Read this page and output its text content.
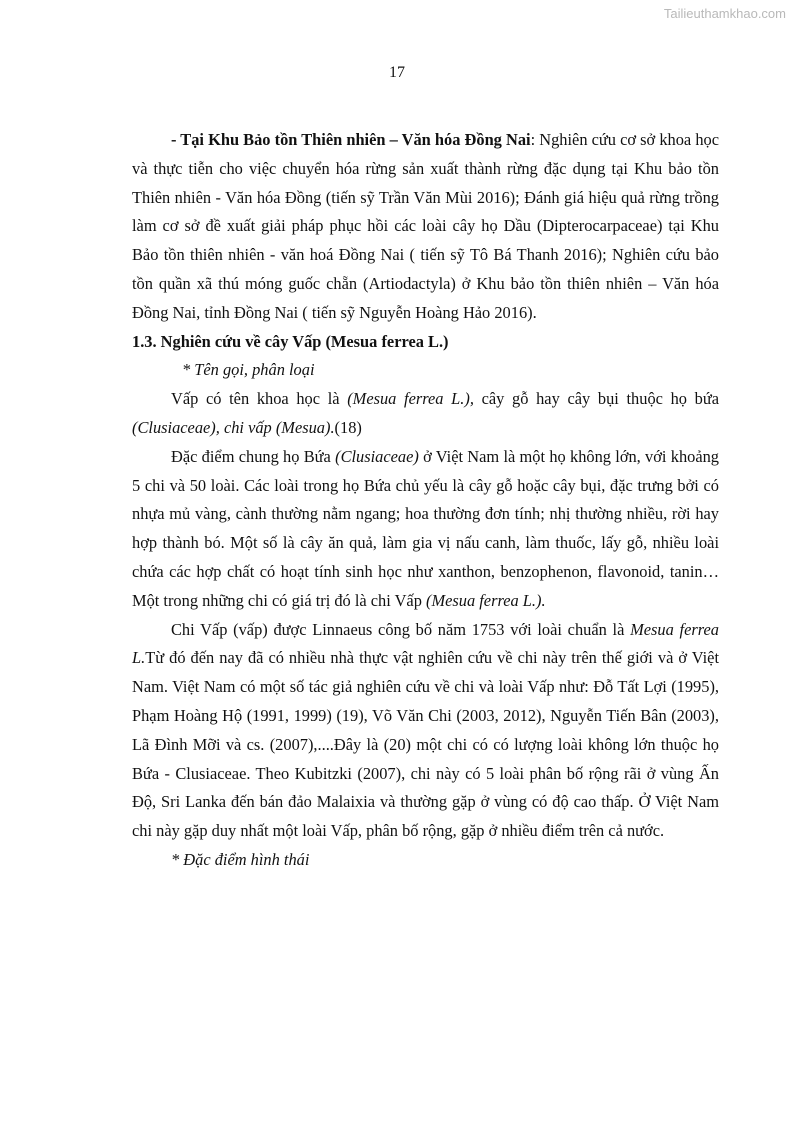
Tailieuthamkhao.com
17

- Tại Khu Bảo tồn Thiên nhiên – Văn hóa Đồng Nai: Nghiên cứu cơ sở khoa học và thực tiễn cho việc chuyển hóa rừng sản xuất thành rừng đặc dụng tại Khu bảo tồn Thiên nhiên - Văn hóa Đồng (tiến sỹ Trần Văn Mùi 2016); Đánh giá hiệu quả rừng trồng làm cơ sở đề xuất giải pháp phục hồi các loài cây họ Dầu (Dipterocarpaceae) tại Khu Bảo tồn thiên nhiên - văn hoá Đồng Nai ( tiến sỹ Tô Bá Thanh 2016); Nghiên cứu bảo tồn quần xã thú móng guốc chẵn (Artiodactyla) ở Khu bảo tồn thiên nhiên – Văn hóa Đồng Nai, tỉnh Đồng Nai ( tiến sỹ Nguyễn Hoàng Hảo 2016).

1.3. Nghiên cứu về cây Vấp (Mesua ferrea L.)

* Tên gọi, phân loại

Vấp có tên khoa học là (Mesua ferrea L.), cây gỗ hay cây bụi thuộc họ bứa (Clusiaceae), chi vấp (Mesua).(18)

Đặc điểm chung họ Bứa (Clusiaceae) ở Việt Nam là một họ không lớn, với khoảng 5 chi và 50 loài. Các loài trong họ Bứa chủ yếu là cây gỗ hoặc cây bụi, đặc trưng bởi có nhựa mủ vàng, cành thường nằm ngang; hoa thường đơn tính; nhị thường nhiều, rời hay hợp thành bó. Một số là cây ăn quả, làm gia vị nấu canh, làm thuốc, lấy gỗ, nhiều loài chứa các hợp chất có hoạt tính sinh học như xanthon, benzophenon, flavonoid, tanin…Một trong những chi có giá trị đó là chi Vấp (Mesua ferrea L.).

Chi Vấp (vấp) được Linnaeus công bố năm 1753 với loài chuẩn là Mesua ferrea L.Từ đó đến nay đã có nhiều nhà thực vật nghiên cứu về chi này trên thế giới và ở Việt Nam. Việt Nam có một số tác giả nghiên cứu về chi và loài Vấp như: Đỗ Tất Lợi (1995), Phạm Hoàng Hộ (1991, 1999) (19), Võ Văn Chi (2003, 2012), Nguyễn Tiến Bân (2003), Lã Đình Mỡi và cs. (2007),....Đây là (20) một chi có có lượng loài không lớn thuộc họ Bứa - Clusiaceae. Theo Kubitzki (2007), chi này có 5 loài phân bố rộng rãi ở vùng Ấn Độ, Sri Lanka đến bán đảo Malaixia và thường gặp ở vùng có độ cao thấp. Ở Việt Nam chi này gặp duy nhất một loài Vấp, phân bố rộng, gặp ở nhiều điểm trên cả nước.

* Đặc điểm hình thái
